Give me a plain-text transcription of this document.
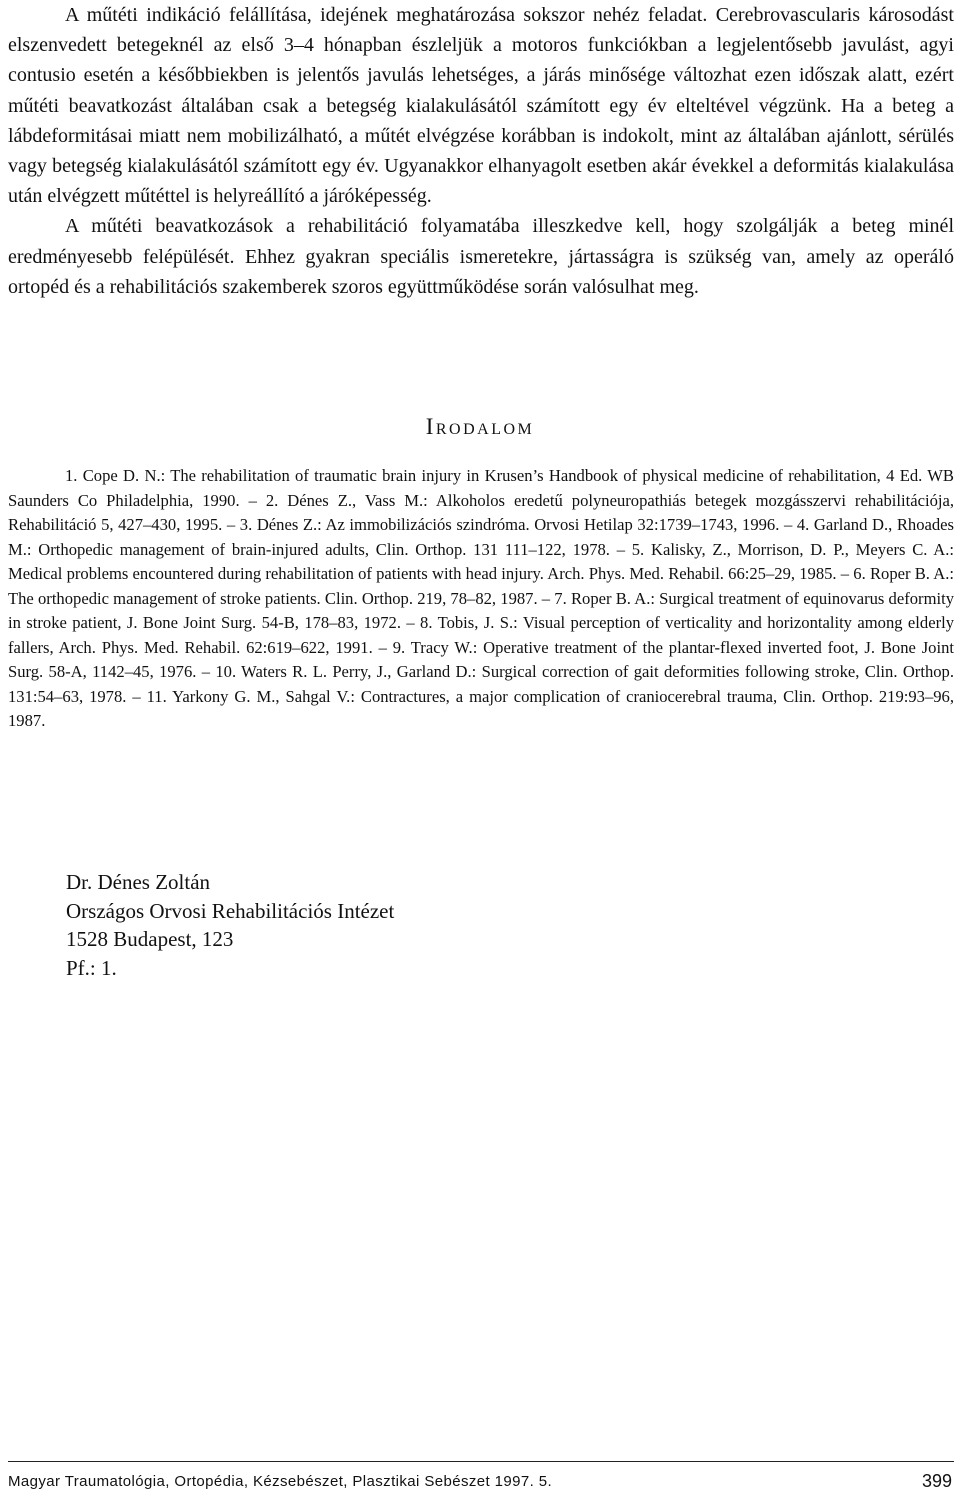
A műtéti indikáció felállítása, idejének meghatározása sokszor nehéz feladat. Cerebrovascularis károsodást elszenvedett betegeknél az első 3–4 hónapban észleljük a motoros funkciókban a legjelentősebb javulást, agyi contusio esetén a későbbiekben is jelentős javulás lehetséges, a járás minősége változhat ezen időszak alatt, ezért műtéti beavatkozást általában csak a betegség kialakulásától számított egy év elteltével végzünk. Ha a beteg a lábdeformitásai miatt nem mobilizálható, a műtét elvégzése korábban is indokolt, mint az általában ajánlott, sérülés vagy betegség kialakulásától számított egy év. Ugyanakkor elhanyagolt esetben akár évekkel a deformitás kialakulása után elvégzett műtéttel is helyreállító a járóképesség.

A műtéti beavatkozások a rehabilitáció folyamatába illeszkedve kell, hogy szolgálják a beteg minél eredményesebb felépülését. Ehhez gyakran speciális ismeretekre, jártasságra is szükség van, amely az operáló ortopéd és a rehabilitációs szakemberek szoros együttműködése során valósulhat meg.

Irodalom
1. Cope D. N.: The rehabilitation of traumatic brain injury in Krusen’s Handbook of physical medicine of rehabilitation, 4 Ed. WB Saunders Co Philadelphia, 1990. – 2. Dénes Z., Vass M.: Alkoholos eredetű polyneuropathiás betegek mozgásszervi rehabilitációja, Rehabilitáció 5, 427–430, 1995. – 3. Dénes Z.: Az immobilizációs szindróma. Orvosi Hetilap 32:1739–1743, 1996. – 4. Garland D., Rhoades M.: Orthopedic management of brain-injured adults, Clin. Orthop. 131 111–122, 1978. – 5. Kalisky, Z., Morrison, D. P., Meyers C. A.: Medical problems encountered during rehabilitation of patients with head injury. Arch. Phys. Med. Rehabil. 66:25–29, 1985. – 6. Roper B. A.: The orthopedic management of stroke patients. Clin. Orthop. 219, 78–82, 1987. – 7. Roper B. A.: Surgical treatment of equinovarus deformity in stroke patient, J. Bone Joint Surg. 54-B, 178–83, 1972. – 8. Tobis, J. S.: Visual perception of verticality and horizontality among elderly fallers, Arch. Phys. Med. Rehabil. 62:619–622, 1991. – 9. Tracy W.: Operative treatment of the plantar-flexed inverted foot, J. Bone Joint Surg. 58-A, 1142–45, 1976. – 10. Waters R. L. Perry, J., Garland D.: Surgical correction of gait deformities following stroke, Clin. Orthop. 131:54–63, 1978. – 11. Yarkony G. M., Sahgal V.: Contractures, a major complication of craniocerebral trauma, Clin. Orthop. 219:93–96, 1987.
Dr. Dénes Zoltán
Országos Orvosi Rehabilitációs Intézet
1528 Budapest, 123
Pf.: 1.
Magyar Traumatológia, Ortopédia, Kézsebészet, Plasztikai Sebészet 1997. 5.	399
